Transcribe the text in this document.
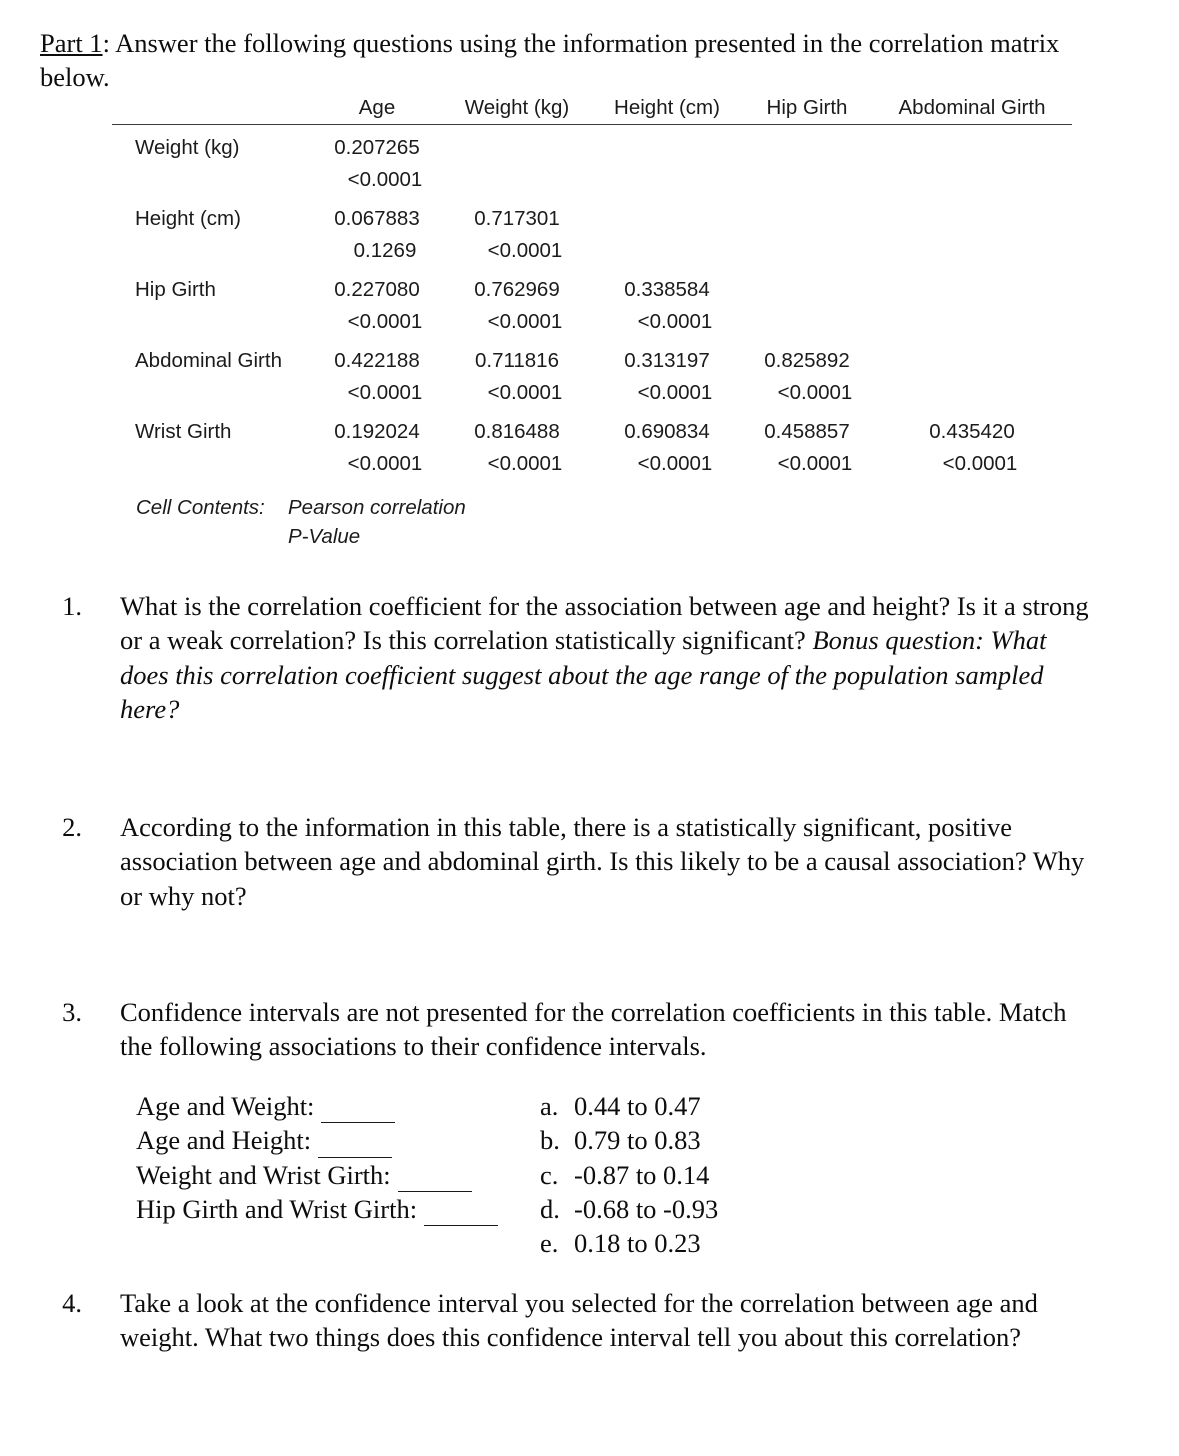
Part 1: Answer the following questions using the information presented in the correlation matrix below.
	Age	Weight (kg)	Height (cm)	Hip Girth	Abdominal Girth
Weight (kg)	0.207265				
	<0.0001				
Height (cm)	0.067883	0.717301			
	0.1269	<0.0001			
Hip Girth	0.227080	0.762969	0.338584		
	<0.0001	<0.0001	<0.0001		
Abdominal Girth	0.422188	0.711816	0.313197	0.825892	
	<0.0001	<0.0001	<0.0001	<0.0001	
Wrist Girth	0.192024	0.816488	0.690834	0.458857	0.435420
	<0.0001	<0.0001	<0.0001	<0.0001	<0.0001
Cell Contents: Pearson correlation
P-Value
1. What is the correlation coefficient for the association between age and height? Is it a strong or a weak correlation? Is this correlation statistically significant? Bonus question: What does this correlation coefficient suggest about the age range of the population sampled here?
2. According to the information in this table, there is a statistically significant, positive association between age and abdominal girth. Is this likely to be a causal association? Why or why not?
3. Confidence intervals are not presented for the correlation coefficients in this table. Match the following associations to their confidence intervals.
Age and Weight:
Age and Height:
Weight and Wrist Girth:
Hip Girth and Wrist Girth:
a. 0.44 to 0.47
b. 0.79 to 0.83
c. -0.87 to 0.14
d. -0.68 to -0.93
e. 0.18 to 0.23
4. Take a look at the confidence interval you selected for the correlation between age and weight. What two things does this confidence interval tell you about this correlation?
